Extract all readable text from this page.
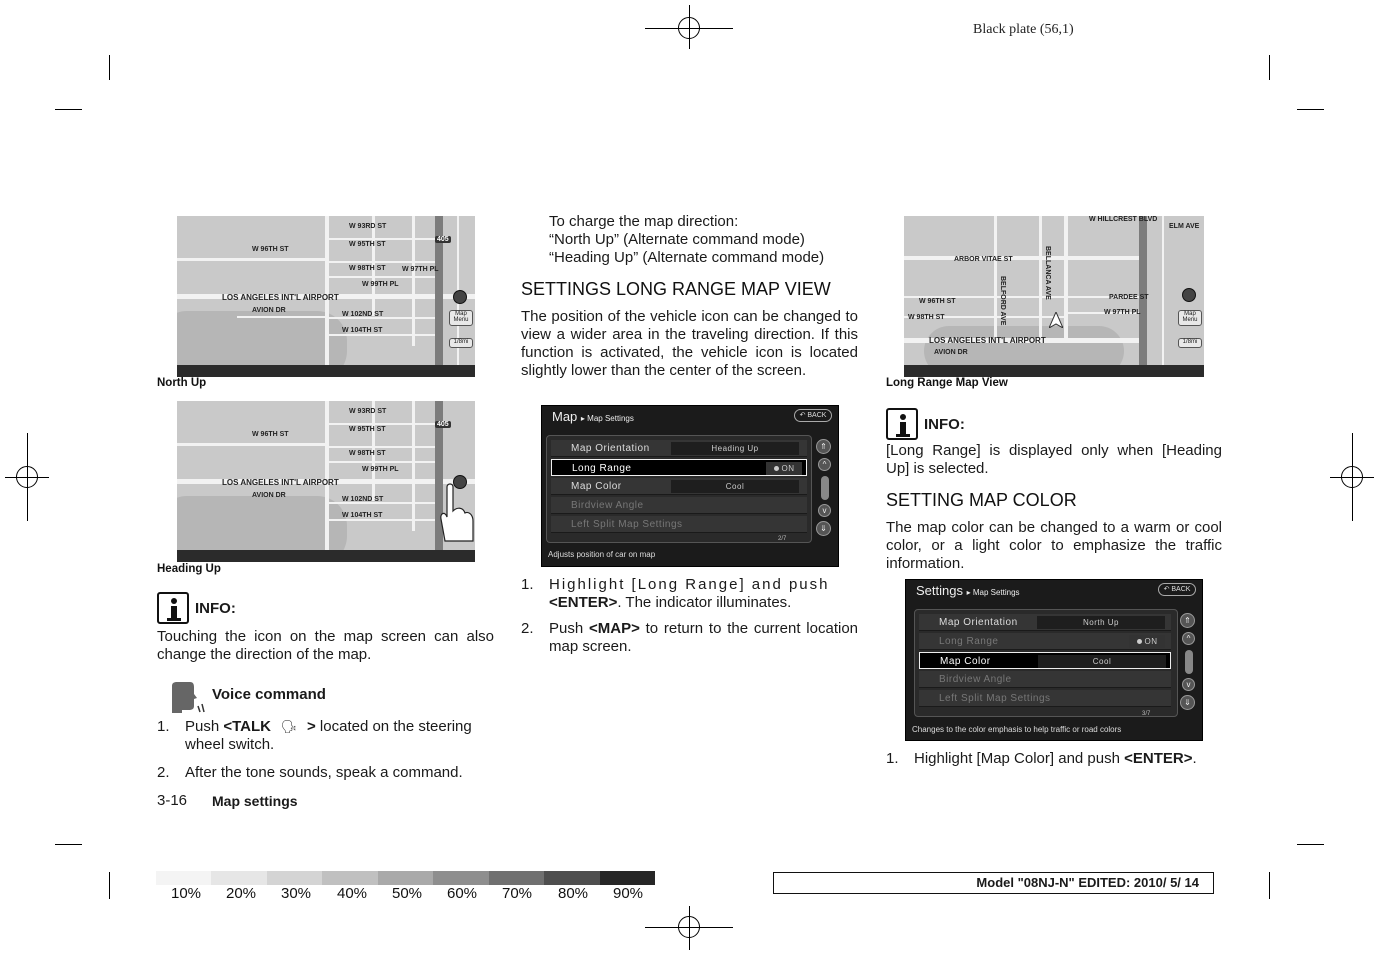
Black plate (56,1)
W 93RD ST
W 95TH ST
W 96TH ST
W 98TH ST
W 99TH PL
W 97TH PL
LOS ANGELES INT'L AIRPORT
AVION DR
W 102ND ST
W 104TH ST
405
Map Menu
1/8mi
North Up
W 93RD ST
W 95TH ST
W 96TH ST
W 98TH ST
W 99TH PL
LOS ANGELES INT'L AIRPORT
AVION DR
W 102ND ST
W 104TH ST
405
Heading Up
INFO:
Touching the icon on the map screen can also change the direction of the map.
Voice command
1.	Push <TALK 🗣 > located on the steering wheel switch.
2.	After the tone sounds, speak a command.
3-16 Map settings
To charge the map direction:
“North Up” (Alternate command mode)
“Heading Up” (Alternate command mode)
SETTINGS LONG RANGE MAP VIEW
The position of the vehicle icon can be changed to view a wider area in the traveling direction. If this function is activated, the vehicle icon is located slightly lower than the center of the screen.
Map ▸ Map Settings	↶ BACK
Map Orientation	Heading Up
Long Range	ON
Map Color	Cool
Birdview Angle
Left Split Map Settings
⇑
^
v
⇓
2/7
Adjusts position of car on map
1.	Highlight [Long Range] and push <ENTER>. The indicator illuminates.
2.	Push <MAP> to return to the current location map screen.
W HILLCREST BLVD
ELM AVE
ARBOR VITAE ST
W 96TH ST
W 98TH ST
PARDEE ST
W 97TH PL
LOS ANGELES INT'L AIRPORT
AVION DR
BELLANCA AVE
BELFORD AVE	Map Menu
1/8mi
Long Range Map View
INFO:
[Long Range] is displayed only when [Heading Up] is selected.
SETTING MAP COLOR
The map color can be changed to a warm or cool color, or a light color to emphasize the traffic information.
Settings ▸ Map Settings	↶ BACK
Map Orientation	North Up
Long Range	ON
Map Color	Cool
Birdview Angle
Left Split Map Settings
⇑
^
v
⇓
3/7
Changes to the color emphasis to help traffic or road colors
1.	Highlight [Map Color] and push <ENTER>.
10% 20% 30% 40% 50% 60% 70% 80% 90%
Model "08NJ-N" EDITED: 2010/ 5/ 14
